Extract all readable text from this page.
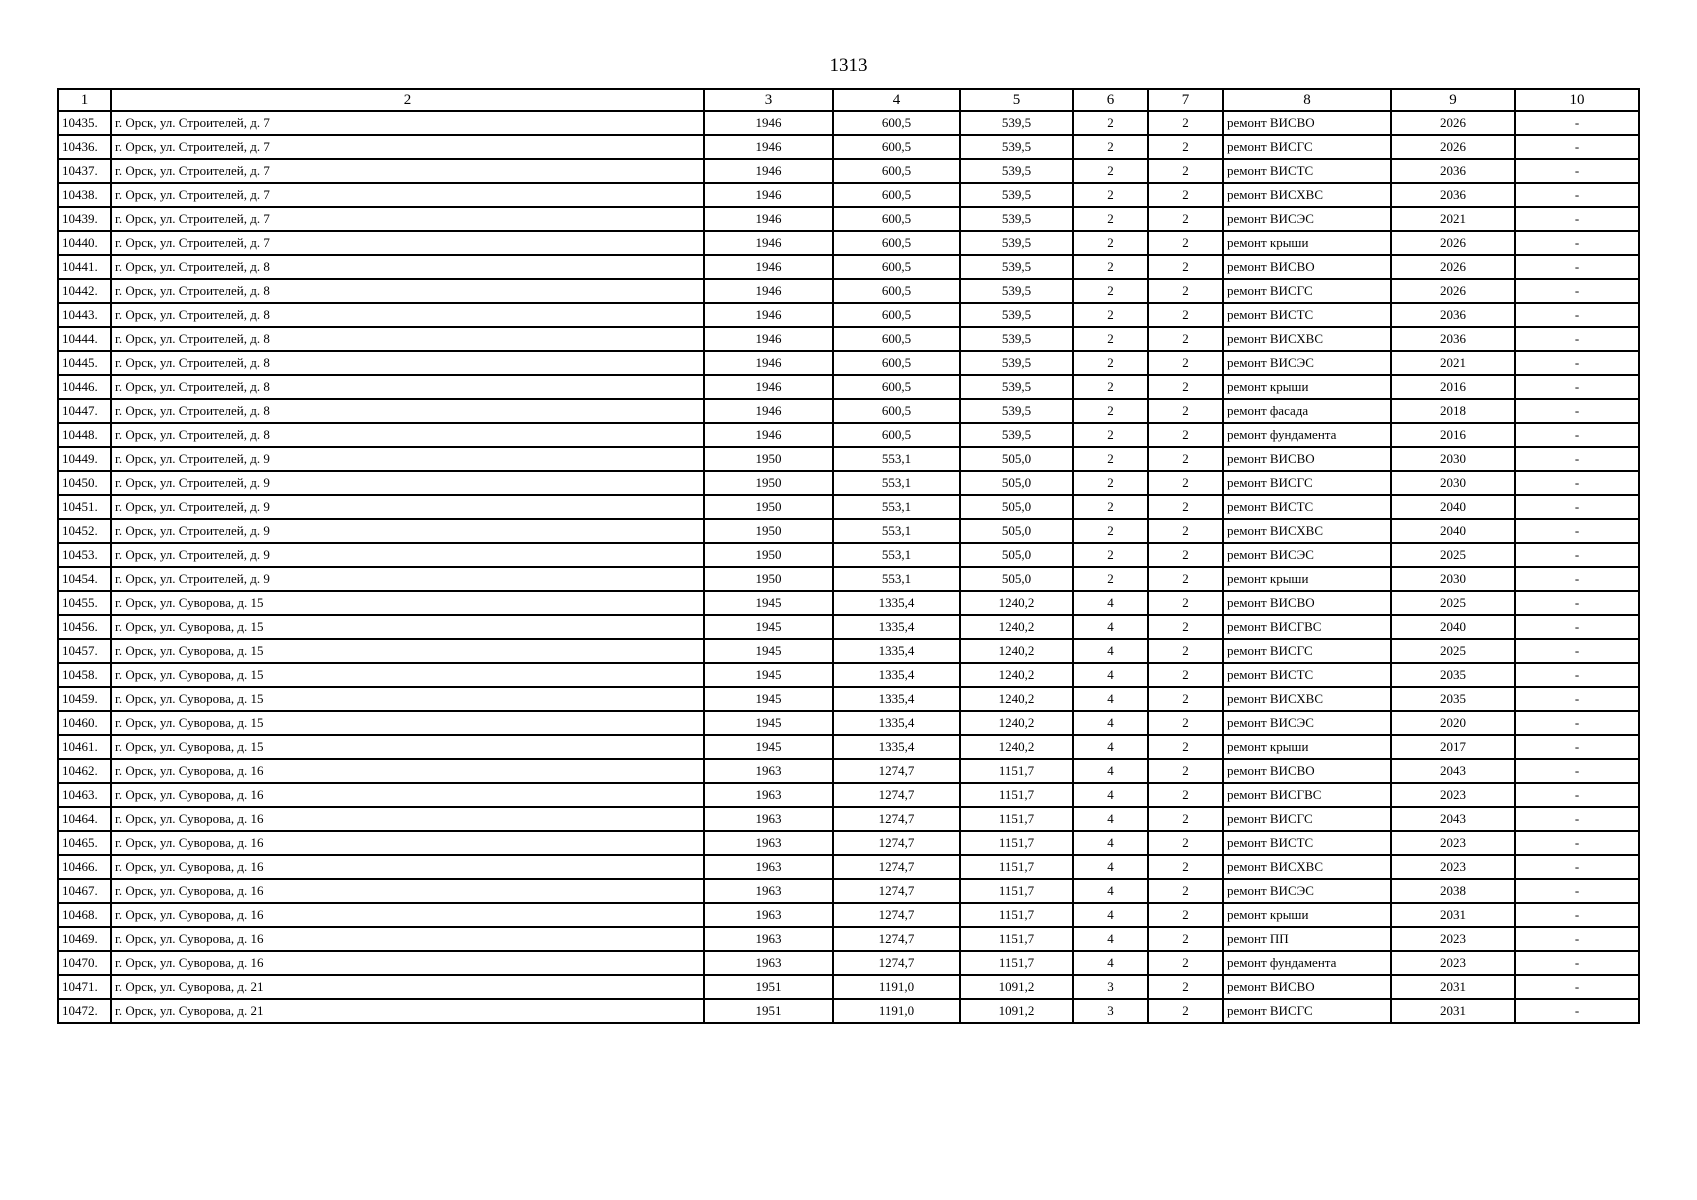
1313
1	2	3	4	5	6	7	8	9	10
10435.	г. Орск, ул. Строителей, д. 7	1946	600,5	539,5	2	2	ремонт ВИСВО	2026	-
10436.	г. Орск, ул. Строителей, д. 7	1946	600,5	539,5	2	2	ремонт ВИСГС	2026	-
10437.	г. Орск, ул. Строителей, д. 7	1946	600,5	539,5	2	2	ремонт ВИСТС	2036	-
10438.	г. Орск, ул. Строителей, д. 7	1946	600,5	539,5	2	2	ремонт ВИСХВС	2036	-
10439.	г. Орск, ул. Строителей, д. 7	1946	600,5	539,5	2	2	ремонт ВИСЭС	2021	-
10440.	г. Орск, ул. Строителей, д. 7	1946	600,5	539,5	2	2	ремонт крыши	2026	-
10441.	г. Орск, ул. Строителей, д. 8	1946	600,5	539,5	2	2	ремонт ВИСВО	2026	-
10442.	г. Орск, ул. Строителей, д. 8	1946	600,5	539,5	2	2	ремонт ВИСГС	2026	-
10443.	г. Орск, ул. Строителей, д. 8	1946	600,5	539,5	2	2	ремонт ВИСТС	2036	-
10444.	г. Орск, ул. Строителей, д. 8	1946	600,5	539,5	2	2	ремонт ВИСХВС	2036	-
10445.	г. Орск, ул. Строителей, д. 8	1946	600,5	539,5	2	2	ремонт ВИСЭС	2021	-
10446.	г. Орск, ул. Строителей, д. 8	1946	600,5	539,5	2	2	ремонт крыши	2016	-
10447.	г. Орск, ул. Строителей, д. 8	1946	600,5	539,5	2	2	ремонт фасада	2018	-
10448.	г. Орск, ул. Строителей, д. 8	1946	600,5	539,5	2	2	ремонт фундамента	2016	-
10449.	г. Орск, ул. Строителей, д. 9	1950	553,1	505,0	2	2	ремонт ВИСВО	2030	-
10450.	г. Орск, ул. Строителей, д. 9	1950	553,1	505,0	2	2	ремонт ВИСГС	2030	-
10451.	г. Орск, ул. Строителей, д. 9	1950	553,1	505,0	2	2	ремонт ВИСТС	2040	-
10452.	г. Орск, ул. Строителей, д. 9	1950	553,1	505,0	2	2	ремонт ВИСХВС	2040	-
10453.	г. Орск, ул. Строителей, д. 9	1950	553,1	505,0	2	2	ремонт ВИСЭС	2025	-
10454.	г. Орск, ул. Строителей, д. 9	1950	553,1	505,0	2	2	ремонт крыши	2030	-
10455.	г. Орск, ул. Суворова, д. 15	1945	1335,4	1240,2	4	2	ремонт ВИСВО	2025	-
10456.	г. Орск, ул. Суворова, д. 15	1945	1335,4	1240,2	4	2	ремонт ВИСГВС	2040	-
10457.	г. Орск, ул. Суворова, д. 15	1945	1335,4	1240,2	4	2	ремонт ВИСГС	2025	-
10458.	г. Орск, ул. Суворова, д. 15	1945	1335,4	1240,2	4	2	ремонт ВИСТС	2035	-
10459.	г. Орск, ул. Суворова, д. 15	1945	1335,4	1240,2	4	2	ремонт ВИСХВС	2035	-
10460.	г. Орск, ул. Суворова, д. 15	1945	1335,4	1240,2	4	2	ремонт ВИСЭС	2020	-
10461.	г. Орск, ул. Суворова, д. 15	1945	1335,4	1240,2	4	2	ремонт крыши	2017	-
10462.	г. Орск, ул. Суворова, д. 16	1963	1274,7	1151,7	4	2	ремонт ВИСВО	2043	-
10463.	г. Орск, ул. Суворова, д. 16	1963	1274,7	1151,7	4	2	ремонт ВИСГВС	2023	-
10464.	г. Орск, ул. Суворова, д. 16	1963	1274,7	1151,7	4	2	ремонт ВИСГС	2043	-
10465.	г. Орск, ул. Суворова, д. 16	1963	1274,7	1151,7	4	2	ремонт ВИСТС	2023	-
10466.	г. Орск, ул. Суворова, д. 16	1963	1274,7	1151,7	4	2	ремонт ВИСХВС	2023	-
10467.	г. Орск, ул. Суворова, д. 16	1963	1274,7	1151,7	4	2	ремонт ВИСЭС	2038	-
10468.	г. Орск, ул. Суворова, д. 16	1963	1274,7	1151,7	4	2	ремонт крыши	2031	-
10469.	г. Орск, ул. Суворова, д. 16	1963	1274,7	1151,7	4	2	ремонт ПП	2023	-
10470.	г. Орск, ул. Суворова, д. 16	1963	1274,7	1151,7	4	2	ремонт фундамента	2023	-
10471.	г. Орск, ул. Суворова, д. 21	1951	1191,0	1091,2	3	2	ремонт ВИСВО	2031	-
10472.	г. Орск, ул. Суворова, д. 21	1951	1191,0	1091,2	3	2	ремонт ВИСГС	2031	-
